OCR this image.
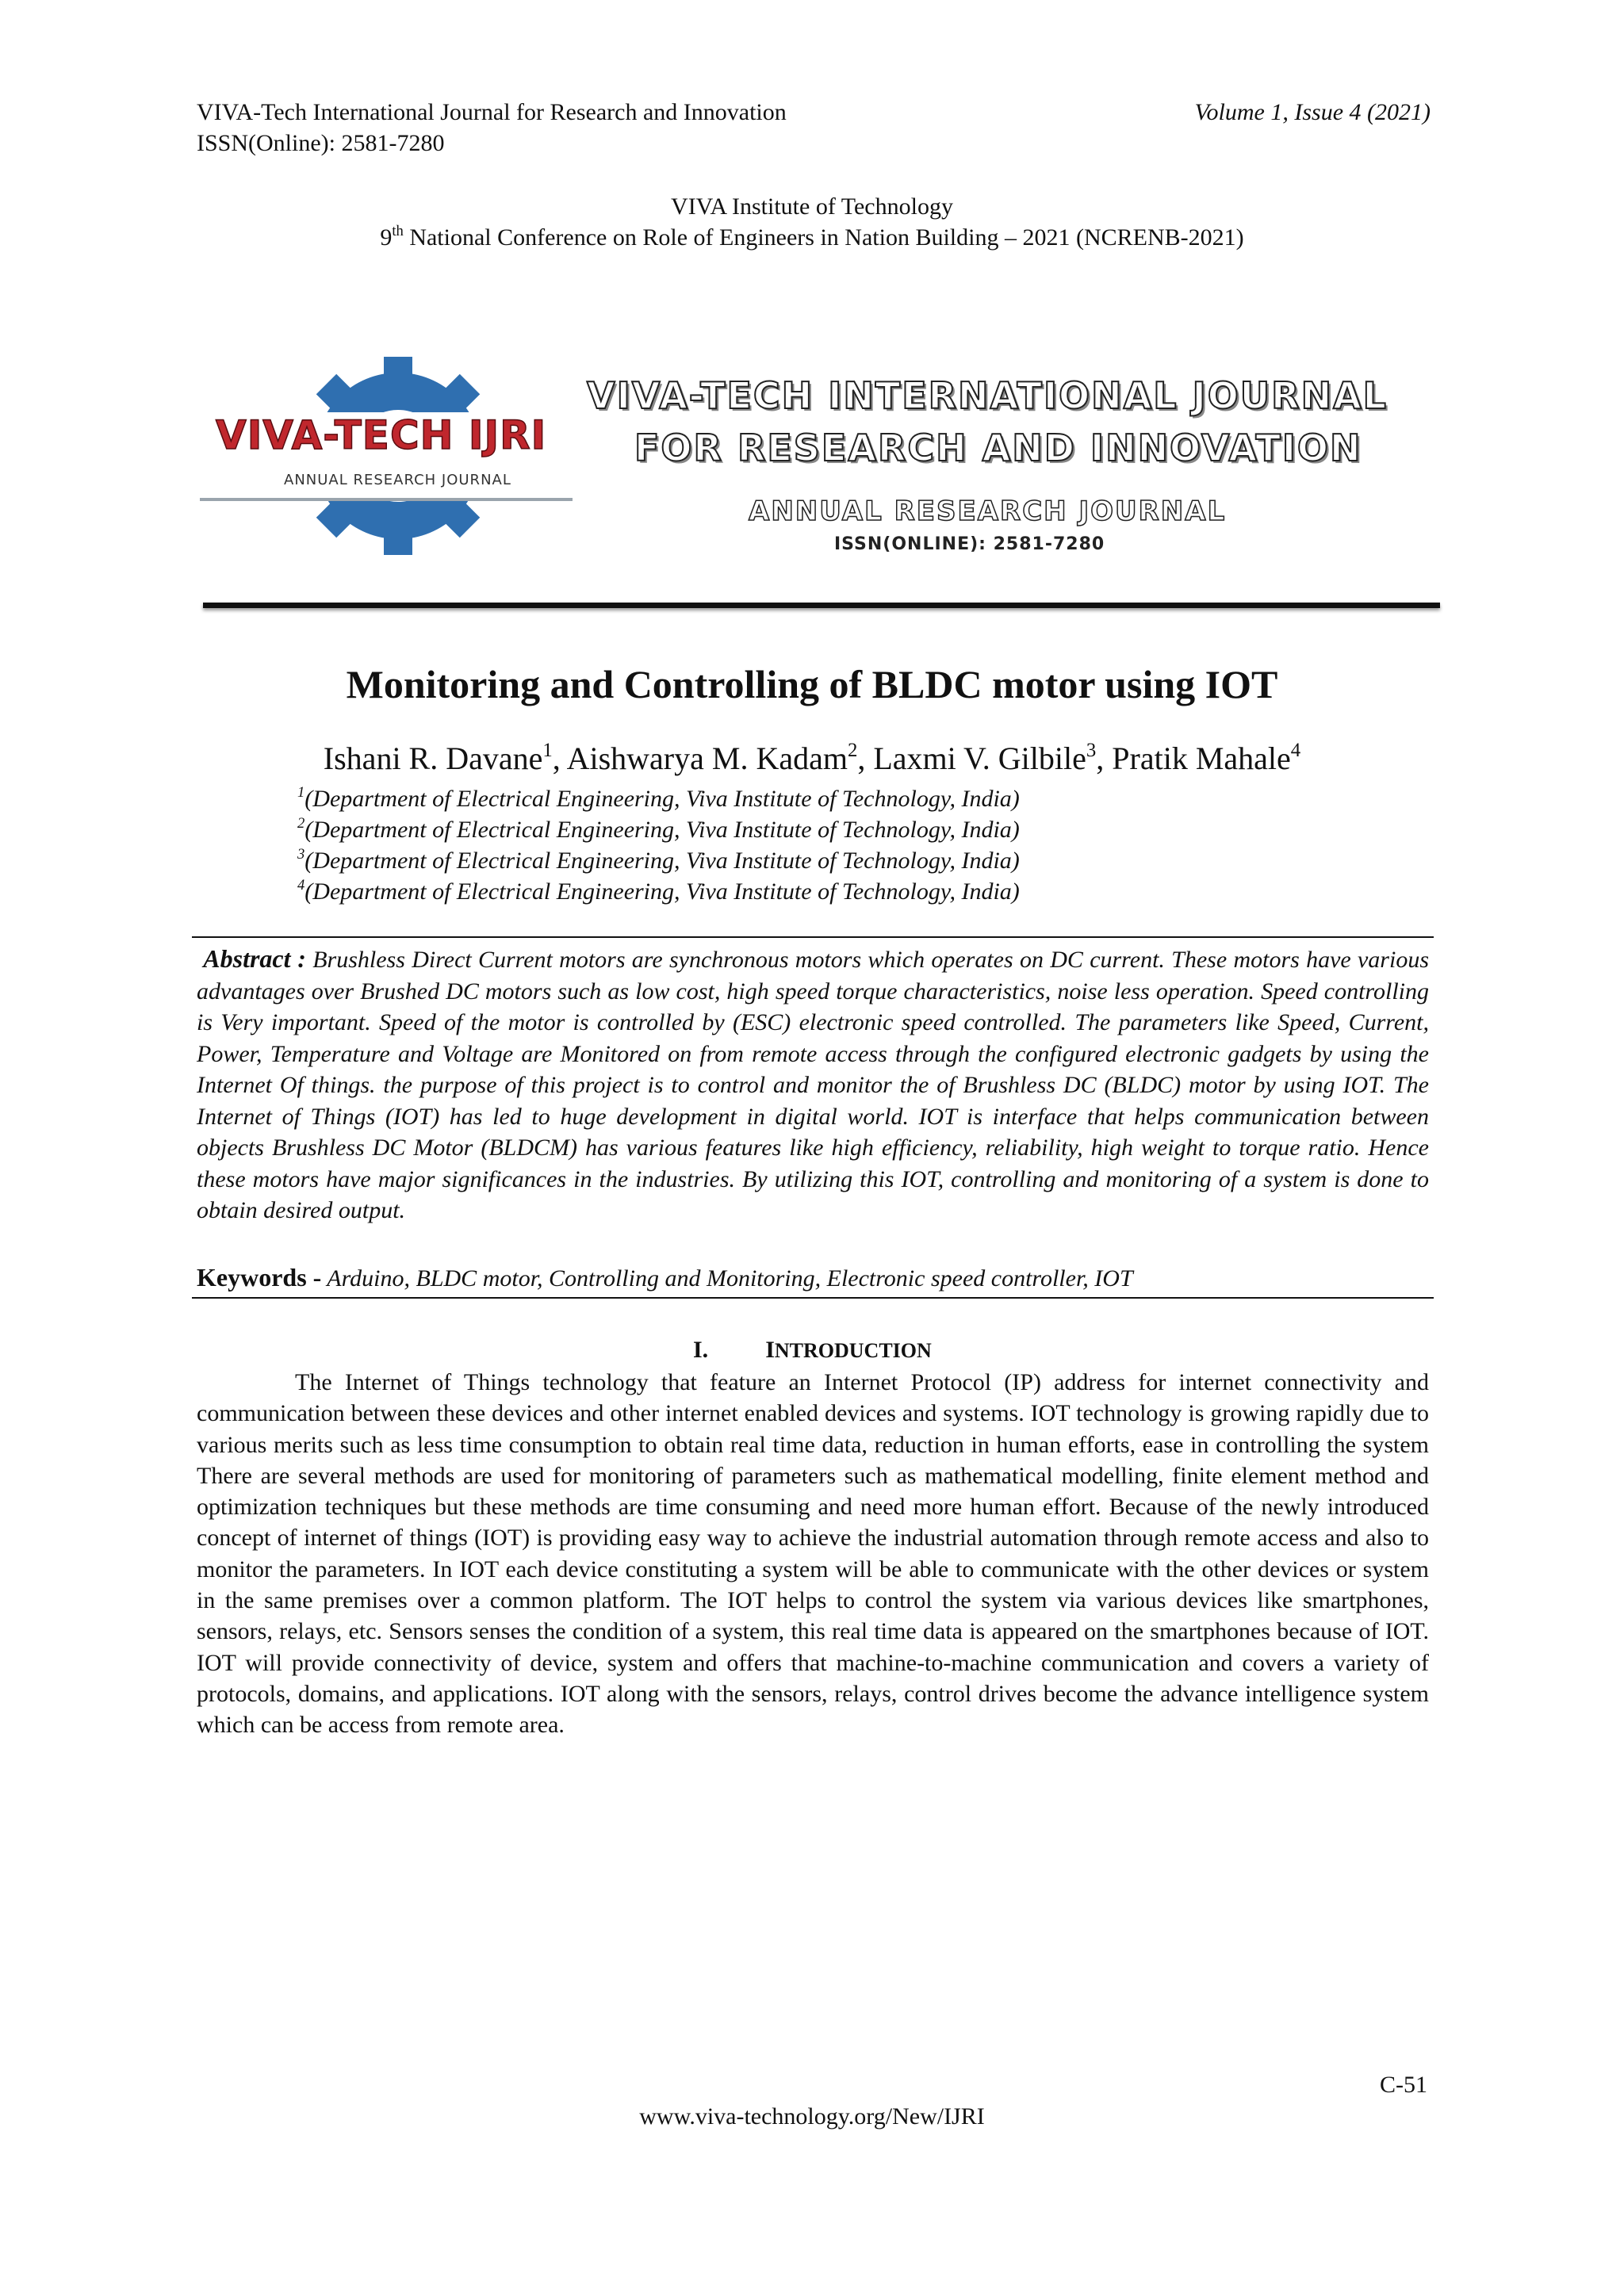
VIVA-Tech International Journal for Research and Innovation	Volume 1, Issue 4 (2021)
ISSN(Online): 2581-7280
VIVA Institute of Technology
9th National Conference on Role of Engineers in Nation Building – 2021 (NCRENB-2021)
VIVA-TECH IJRI
ANNUAL RESEARCH JOURNAL
VIVA-TECH INTERNATIONAL JOURNAL
FOR RESEARCH AND INNOVATION
ANNUAL RESEARCH JOURNAL
ISSN(ONLINE): 2581-7280
Monitoring and Controlling of BLDC motor using IOT
Ishani R. Davane$^1$, Aishwarya M. Kadam$^2$, Laxmi V. Gilbile$^3$, Pratik Mahale$^4$
$^1$(Department of Electrical Engineering, Viva Institute of Technology, India)
$^2$(Department of Electrical Engineering, Viva Institute of Technology, India)
$^3$(Department of Electrical Engineering, Viva Institute of Technology, India)
$^4$(Department of Electrical Engineering, Viva Institute of Technology, India)
Abstract : Brushless Direct Current motors are synchronous motors which operates on DC current. These motors have various advantages over Brushed DC motors such as low cost, high speed torque characteristics, noise less operation. Speed controlling is Very important. Speed of the motor is controlled by (ESC) electronic speed controlled. The parameters like Speed, Current, Power, Temperature and Voltage are Monitored on from remote access through the configured electronic gadgets by using the Internet Of things. the purpose of this project is to control and monitor the of Brushless DC (BLDC) motor by using IOT. The Internet of Things (IOT) has led to huge development in digital world. IOT is interface that helps communication between objects Brushless DC Motor (BLDCM) has various features like high efficiency, reliability, high weight to torque ratio. Hence these motors have major significances in the industries. By utilizing this IOT, controlling and monitoring of a system is done to obtain desired output.
Keywords - Arduino, BLDC motor, Controlling and Monitoring, Electronic speed controller, IOT
I. INTRODUCTION

The Internet of Things technology that feature an Internet Protocol (IP) address for internet connectivity and communication between these devices and other internet enabled devices and systems. IOT technology is growing rapidly due to various merits such as less time consumption to obtain real time data, reduction in human efforts, ease in controlling the system There are several methods are used for monitoring of parameters such as mathematical modelling, finite element method and optimization techniques but these methods are time consuming and need more human effort. Because of the newly introduced concept of internet of things (IOT) is providing easy way to achieve the industrial automation through remote access and also to monitor the parameters. In IOT each device constituting a system will be able to communicate with the other devices or system in the same premises over a common platform. The IOT helps to control the system via various devices like smartphones, sensors, relays, etc. Sensors senses the condition of a system, this real time data is appeared on the smartphones because of IOT. IOT will provide connectivity of device, system and offers that machine-to-machine communication and covers a variety of protocols, domains, and applications. IOT along with the sensors, relays, control drives become the advance intelligence system which can be access from remote area.

C-51
www.viva-technology.org/New/IJRI
